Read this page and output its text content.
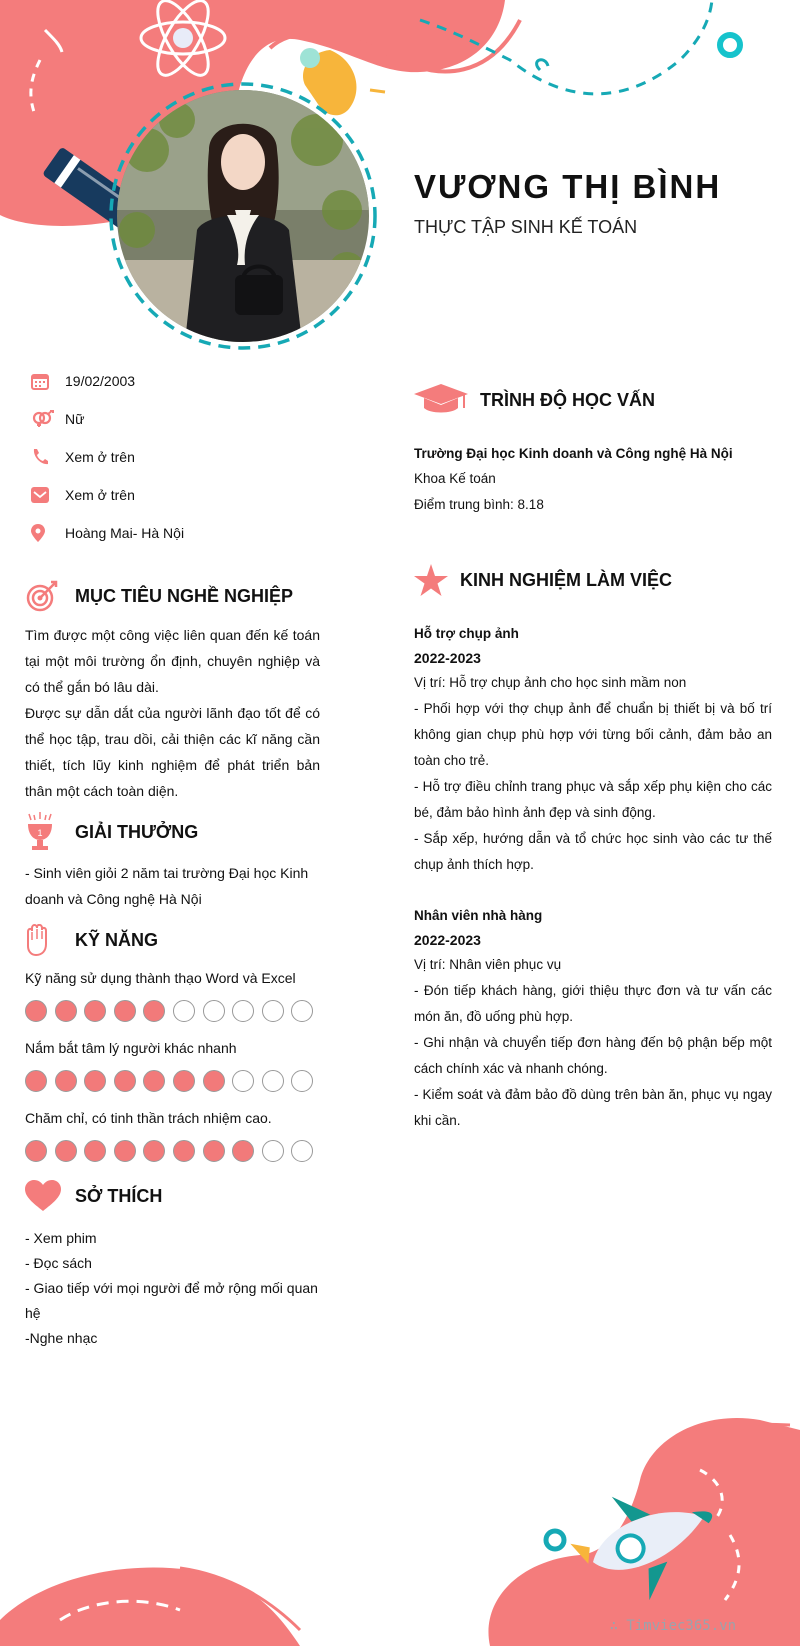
VƯƠNG THỊ BÌNH
THỰC TẬP SINH KẾ TOÁN
19/02/2003
Nữ
Xem ở trên
Xem ở trên
Hoàng Mai- Hà Nội
MỤC TIÊU NGHỀ NGHIỆP
Tìm được một công việc liên quan đến kế toán tại một môi trường ổn định, chuyên nghiệp và có thể gắn bó lâu dài.
Được sự dẫn dắt của người lãnh đạo tốt để có thể học tập, trau dồi, cải thiện các kĩ năng cần thiết, tích lũy kinh nghiệm để phát triển bản thân một cách toàn diện.
1 GIẢI THƯỞNG
- Sinh viên giỏi 2 năm tai trường Đại học Kinh doanh và Công nghệ Hà Nội
KỸ NĂNG
Kỹ năng sử dụng thành thạo Word và Excel
Nắm bắt tâm lý người khác nhanh
Chăm chỉ, có tinh thần trách nhiệm cao.
SỞ THÍCH
- Xem phim
- Đọc sách
- Giao tiếp với mọi người để mở rộng mối quan hệ
-Nghe nhạc
TRÌNH ĐỘ HỌC VẤN
Trường Đại học Kinh doanh và Công nghệ Hà Nội
Khoa Kế toán
Điểm trung bình: 8.18
KINH NGHIỆM LÀM VIỆC
Hỗ trợ chụp ảnh
2022-2023
Vị trí: Hỗ trợ chụp ảnh cho học sinh mầm non
- Phối hợp với thợ chụp ảnh để chuẩn bị thiết bị và bố trí không gian chụp phù hợp với từng bối cảnh, đảm bảo an toàn cho trẻ.
- Hỗ trợ điều chỉnh trang phục và sắp xếp phụ kiện cho các bé, đảm bảo hình ảnh đẹp và sinh động.
- Sắp xếp, hướng dẫn và tổ chức học sinh vào các tư thế chụp ảnh thích hợp.
Nhân viên nhà hàng
2022-2023
Vị trí: Nhân viên phục vụ
- Đón tiếp khách hàng, giới thiệu thực đơn và tư vấn các món ăn, đồ uống phù hợp.
- Ghi nhận và chuyển tiếp đơn hàng đến bộ phận bếp một cách chính xác và nhanh chóng.
- Kiểm soát và đảm bảo đồ dùng trên bàn ăn, phục vụ ngay khi cần.
∴ Timviec365.vn
